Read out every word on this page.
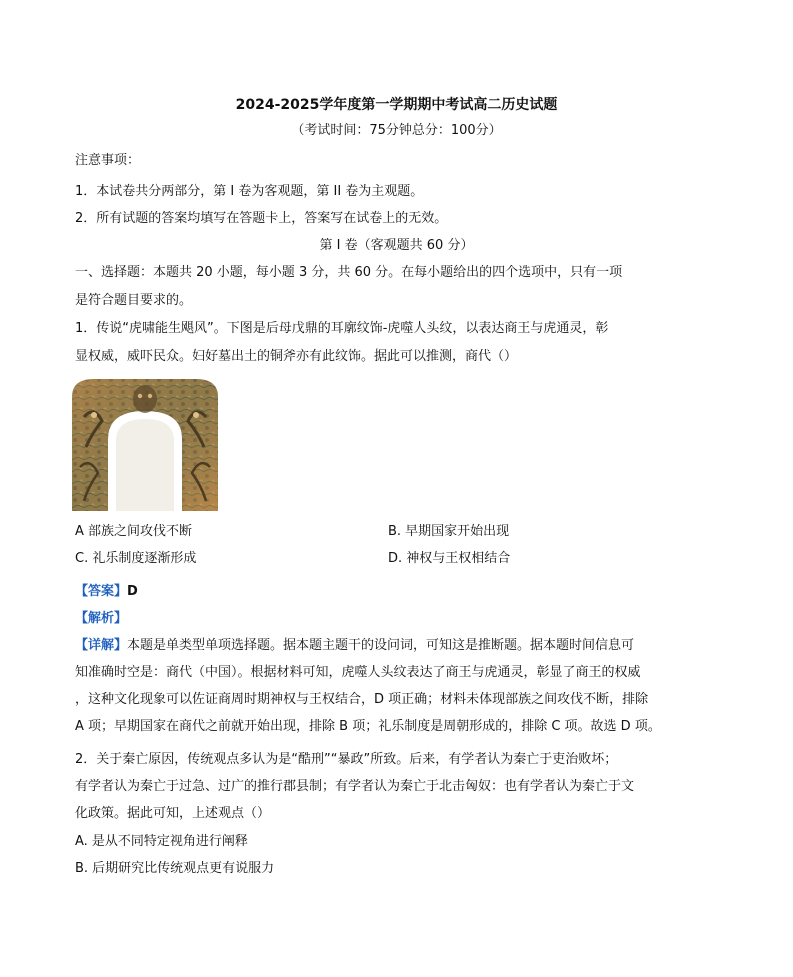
2024-2025学年度第一学期期中考试高二历史试题
（考试时间：75分钟总分：100分）
注意事项：
1．本试卷共分两部分，第 I 卷为客观题，第 II 卷为主观题。
2．所有试题的答案均填写在答题卡上，答案写在试卷上的无效。
第 I 卷（客观题共 60 分）
一、选择题：本题共 20 小题，每小题 3 分，共 60 分。在每小题给出的四个选项中，只有一项
是符合题目要求的。
1．传说“虎啸能生飓风”。下图是后母戊鼎的耳廓纹饰-虎噬人头纹，以表达商王与虎通灵，彰
显权威，威吓民众。妇好墓出土的铜斧亦有此纹饰。据此可以推测，商代（）
A 部族之间攻伐不断	B. 早期国家开始出现
C. 礼乐制度逐渐形成	D. 神权与王权相结合
【答案】D
【解析】
【详解】本题是单类型单项选择题。据本题主题干的设问词，可知这是推断题。据本题时间信息可
知准确时空是：商代（中国）。根据材料可知，虎噬人头纹表达了商王与虎通灵，彰显了商王的权威
，这种文化现象可以佐证商周时期神权与王权结合，D 项正确；材料未体现部族之间攻伐不断，排除
A 项；早期国家在商代之前就开始出现，排除 B 项；礼乐制度是周朝形成的，排除 C 项。故选 D 项。
2．关于秦亡原因，传统观点多认为是“酷刑”“暴政”所致。后来，有学者认为秦亡于吏治败坏；
有学者认为秦亡于过急、过广的推行郡县制；有学者认为秦亡于北击匈奴：也有学者认为秦亡于文
化政策。据此可知，上述观点（）
A. 是从不同特定视角进行阐释
B. 后期研究比传统观点更有说服力
